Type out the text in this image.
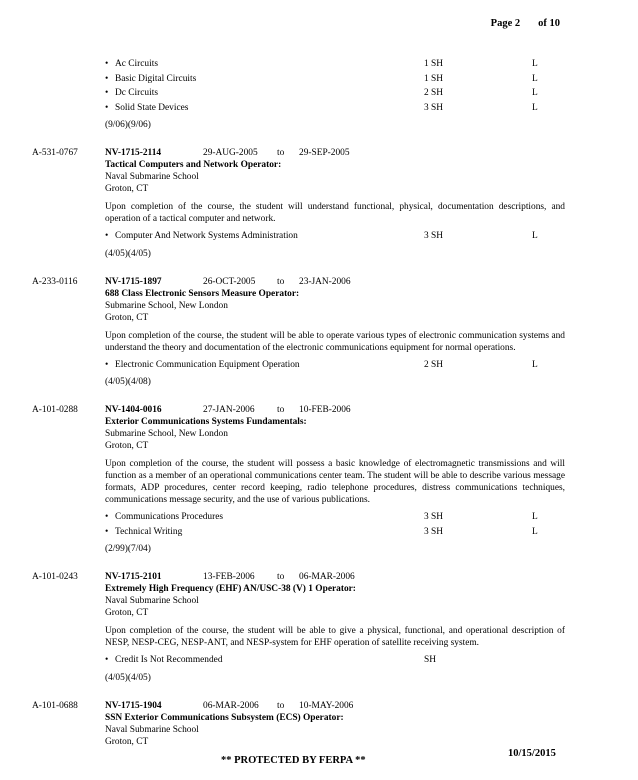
Page 2 of 10
• Ac Circuits	1 SH	L
• Basic Digital Circuits	1 SH	L
• Dc Circuits	2 SH	L
• Solid State Devices	3 SH	L
(9/06)(9/06)
A-531-0767	NV-1715-2114	29-AUG-2005 to 29-SEP-2005
Tactical Computers and Network Operator:
Naval Submarine School
Groton, CT
Upon completion of the course, the student will understand functional, physical, documentation descriptions, and operation of a tactical computer and network.
• Computer And Network Systems Administration	3 SH	L
(4/05)(4/05)
A-233-0116	NV-1715-1897	26-OCT-2005 to 23-JAN-2006
688 Class Electronic Sensors Measure Operator:
Submarine School, New London
Groton, CT
Upon completion of the course, the student will be able to operate various types of electronic communication systems and understand the theory and documentation of the electronic communications equipment for normal operations.
• Electronic Communication Equipment Operation	2 SH	L
(4/05)(4/08)
A-101-0288	NV-1404-0016	27-JAN-2006 to 10-FEB-2006
Exterior Communications Systems Fundamentals:
Submarine School, New London
Groton, CT
Upon completion of the course, the student will possess a basic knowledge of electromagnetic transmissions and will function as a member of an operational communications center team. The student will be able to describe various message formats, ADP procedures, center record keeping, radio telephone procedures, distress communications techniques, communications message security, and the use of various publications.
• Communications Procedures	3 SH	L
• Technical Writing	3 SH	L
(2/99)(7/04)
A-101-0243	NV-1715-2101	13-FEB-2006 to 06-MAR-2006
Extremely High Frequency (EHF) AN/USC-38 (V) 1 Operator:
Naval Submarine School
Groton, CT
Upon completion of the course, the student will be able to give a physical, functional, and operational description of NESP, NESP-CEG, NESP-ANT, and NESP-system for EHF operation of satellite receiving system.
• Credit Is Not Recommended	SH
(4/05)(4/05)
A-101-0688	NV-1715-1904	06-MAR-2006 to 10-MAY-2006
SSN Exterior Communications Subsystem (ECS) Operator:
Naval Submarine School
Groton, CT
** PROTECTED BY FERPA **
10/15/2015
